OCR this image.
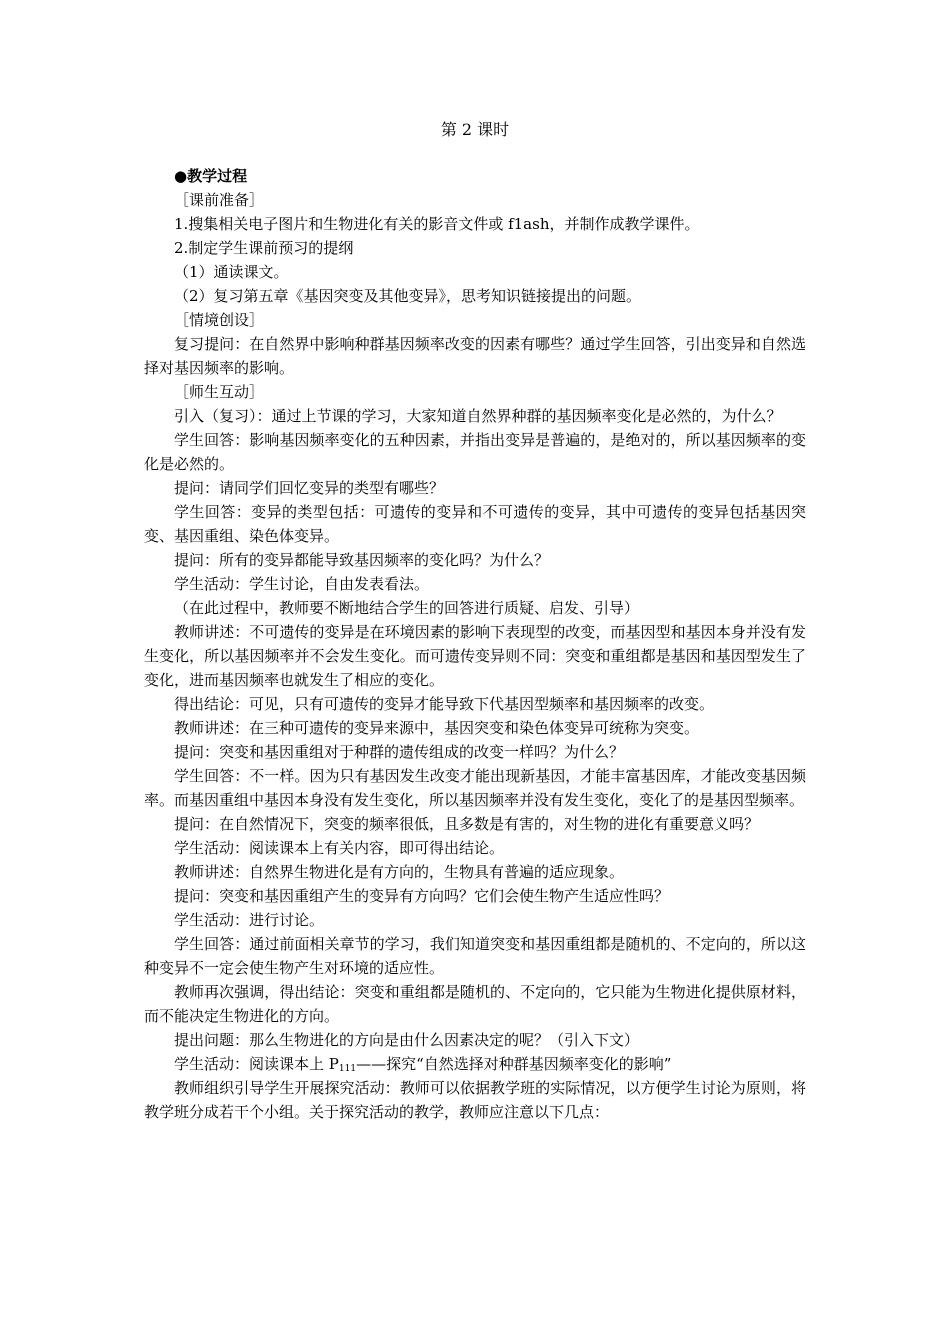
第 2 课时
●教学过程

［课前准备］

1.搜集相关电子图片和生物进化有关的影音文件或 f1ash，并制作成教学课件。

2.制定学生课前预习的提纲

（1）通读课文。

（2）复习第五章《基因突变及其他变异》，思考知识链接提出的问题。

［情境创设］

复习提问：在自然界中影响种群基因频率改变的因素有哪些？通过学生回答，引出变异和自然选择对基因频率的影响。

［师生互动］

引入（复习）：通过上节课的学习，大家知道自然界种群的基因频率变化是必然的，为什么？

学生回答：影响基因频率变化的五种因素，并指出变异是普遍的，是绝对的，所以基因频率的变化是必然的。

提问：请同学们回忆变异的类型有哪些？

学生回答：变异的类型包括：可遗传的变异和不可遗传的变异，其中可遗传的变异包括基因突变、基因重组、染色体变异。

提问：所有的变异都能导致基因频率的变化吗？为什么？

学生活动：学生讨论，自由发表看法。

（在此过程中，教师要不断地结合学生的回答进行质疑、启发、引导）

教师讲述：不可遗传的变异是在环境因素的影响下表现型的改变，而基因型和基因本身并没有发生变化，所以基因频率并不会发生变化。而可遗传变异则不同：突变和重组都是基因和基因型发生了变化，进而基因频率也就发生了相应的变化。

得出结论：可见，只有可遗传的变异才能导致下代基因型频率和基因频率的改变。

教师讲述：在三种可遗传的变异来源中，基因突变和染色体变异可统称为突变。

提问：突变和基因重组对于种群的遗传组成的改变一样吗？为什么？

学生回答：不一样。因为只有基因发生改变才能出现新基因，才能丰富基因库，才能改变基因频率。而基因重组中基因本身没有发生变化，所以基因频率并没有发生变化，变化了的是基因型频率。

提问：在自然情况下，突变的频率很低，且多数是有害的，对生物的进化有重要意义吗？

学生活动：阅读课本上有关内容，即可得出结论。

教师讲述：自然界生物进化是有方向的，生物具有普遍的适应现象。

提问：突变和基因重组产生的变异有方向吗？它们会使生物产生适应性吗？

学生活动：进行讨论。

学生回答：通过前面相关章节的学习，我们知道突变和基因重组都是随机的、不定向的，所以这种变异不一定会使生物产生对环境的适应性。

教师再次强调，得出结论：突变和重组都是随机的、不定向的，它只能为生物进化提供原材料，而不能决定生物进化的方向。

提出问题：那么生物进化的方向是由什么因素决定的呢？（引入下文）

学生活动：阅读课本上 $P_{111}——$探究“自然选择对种群基因频率变化的影响”

教师组织引导学生开展探究活动：教师可以依据教学班的实际情况，以方便学生讨论为原则，将教学班分成若干个小组。关于探究活动的教学，教师应注意以下几点：
